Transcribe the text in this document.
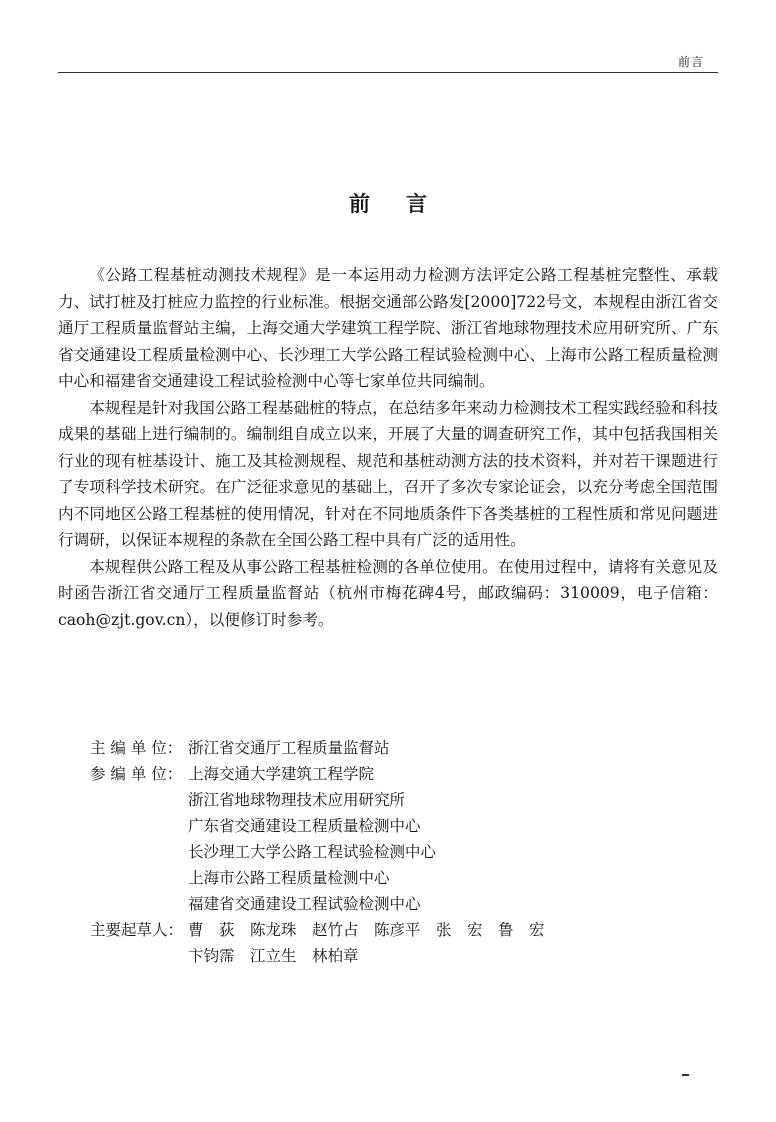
前言
前言

《公路工程基桩动测技术规程》是一本运用动力检测方法评定公路工程基桩完整性、承载力、试打桩及打桩应力监控的行业标准。根据交通部公路发[2000]722号文，本规程由浙江省交通厅工程质量监督站主编，上海交通大学建筑工程学院、浙江省地球物理技术应用研究所、广东省交通建设工程质量检测中心、长沙理工大学公路工程试验检测中心、上海市公路工程质量检测中心和福建省交通建设工程试验检测中心等七家单位共同编制。

本规程是针对我国公路工程基础桩的特点，在总结多年来动力检测技术工程实践经验和科技成果的基础上进行编制的。编制组自成立以来，开展了大量的调查研究工作，其中包括我国相关行业的现有桩基设计、施工及其检测规程、规范和基桩动测方法的技术资料，并对若干课题进行了专项科学技术研究。在广泛征求意见的基础上，召开了多次专家论证会，以充分考虑全国范围内不同地区公路工程基桩的使用情况，针对在不同地质条件下各类基桩的工程性质和常见问题进行调研，以保证本规程的条款在全国公路工程中具有广泛的适用性。

本规程供公路工程及从事公路工程基桩检测的各单位使用。在使用过程中，请将有关意见及时函告浙江省交通厅工程质量监督站（杭州市梅花碑4号，邮政编码：310009，电子信箱：caoh@zjt.gov.cn），以便修订时参考。

主 编 单 位： 浙江省交通厅工程质量监督站
参 编 单 位： 上海交通大学建筑工程学院
浙江省地球物理技术应用研究所
广东省交通建设工程质量检测中心
长沙理工大学公路工程试验检测中心
上海市公路工程质量检测中心
福建省交通建设工程试验检测中心
主要起草人： 曹　荻　陈龙珠　赵竹占　陈彦平　张　宏　鲁　宏
卞钧霈　江立生　林柏章
